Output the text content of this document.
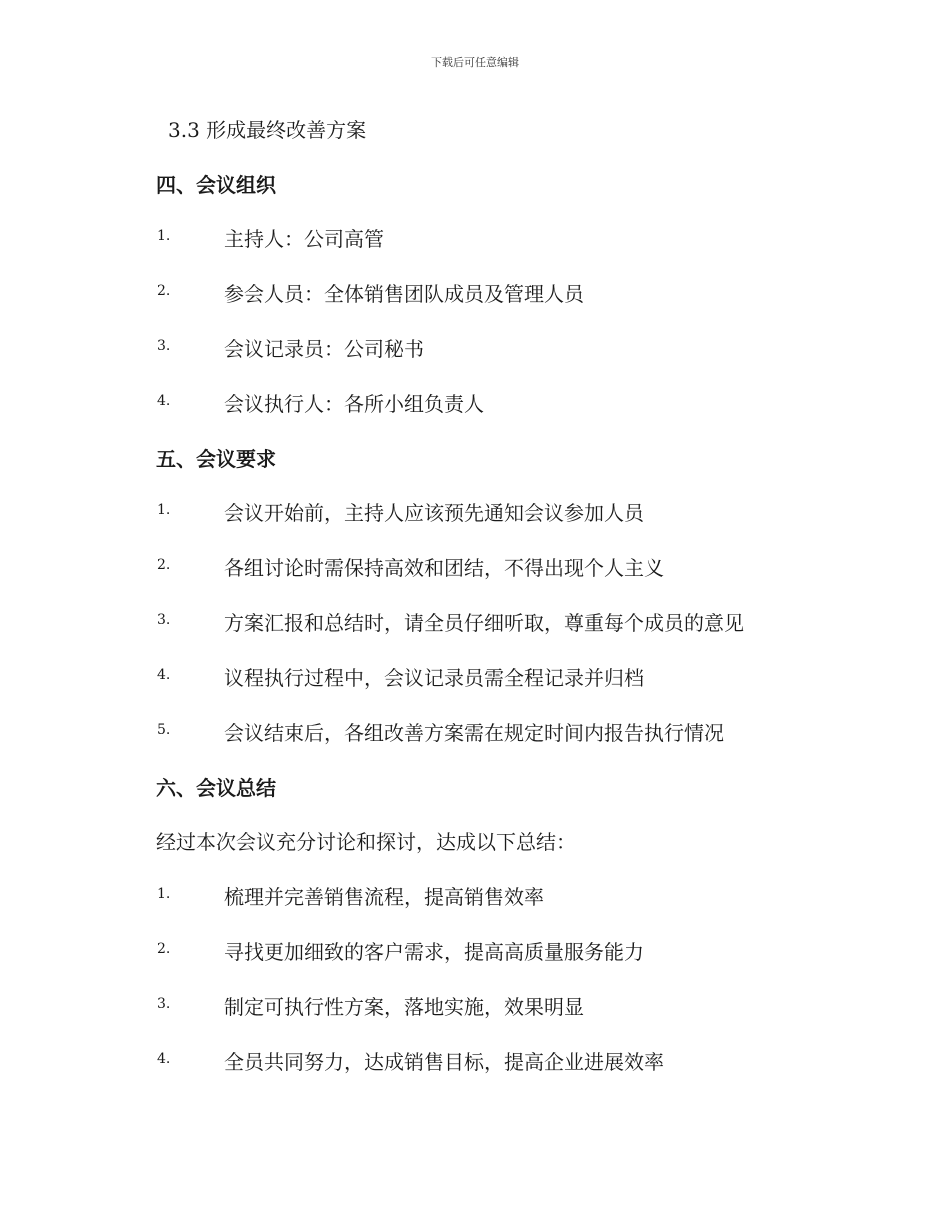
下载后可任意编辑
3.3 形成最终改善方案
四、会议组织
1.	主持人：公司高管
2.	参会人员：全体销售团队成员及管理人员
3.	会议记录员：公司秘书
4.	会议执行人：各所小组负责人
五、会议要求
1.	会议开始前，主持人应该预先通知会议参加人员
2.	各组讨论时需保持高效和团结，不得出现个人主义
3.	方案汇报和总结时，请全员仔细听取，尊重每个成员的意见
4.	议程执行过程中，会议记录员需全程记录并归档
5.	会议结束后，各组改善方案需在规定时间内报告执行情况
六、会议总结
经过本次会议充分讨论和探讨，达成以下总结：
1.	梳理并完善销售流程，提高销售效率
2.	寻找更加细致的客户需求，提高高质量服务能力
3.	制定可执行性方案，落地实施，效果明显
4.	全员共同努力，达成销售目标，提高企业进展效率
